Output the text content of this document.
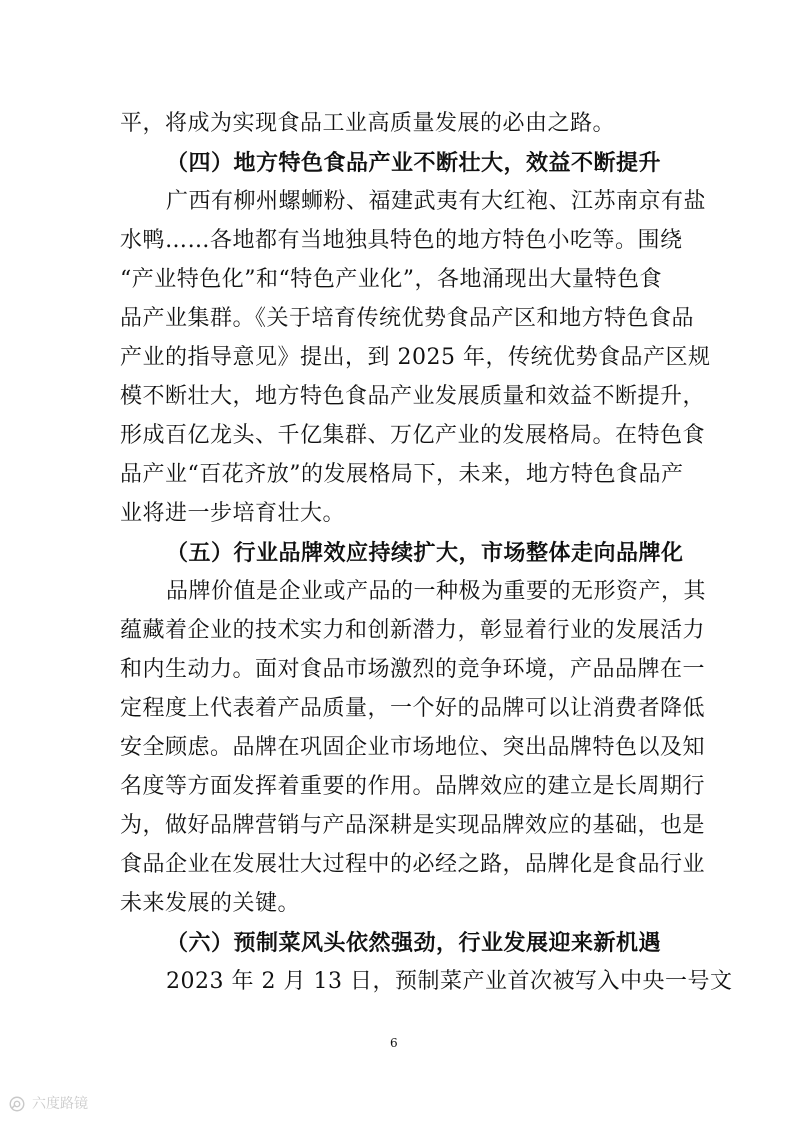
平，将成为实现食品工业高质量发展的必由之路。
（四）地方特色食品产业不断壮大，效益不断提升
广西有柳州螺蛳粉、福建武夷有大红袍、江苏南京有盐
水鸭……各地都有当地独具特色的地方特色小吃等。围绕
“产业特色化”和“特色产业化”，各地涌现出大量特色食
品产业集群。《关于培育传统优势食品产区和地方特色食品
产业的指导意见》提出，到 2025 年，传统优势食品产区规
模不断壮大，地方特色食品产业发展质量和效益不断提升，
形成百亿龙头、千亿集群、万亿产业的发展格局。在特色食
品产业“百花齐放”的发展格局下，未来，地方特色食品产
业将进一步培育壮大。
（五）行业品牌效应持续扩大，市场整体走向品牌化
品牌价值是企业或产品的一种极为重要的无形资产，其
蕴藏着企业的技术实力和创新潜力，彰显着行业的发展活力
和内生动力。面对食品市场激烈的竞争环境，产品品牌在一
定程度上代表着产品质量，一个好的品牌可以让消费者降低
安全顾虑。品牌在巩固企业市场地位、突出品牌特色以及知
名度等方面发挥着重要的作用。品牌效应的建立是长周期行
为，做好品牌营销与产品深耕是实现品牌效应的基础，也是
食品企业在发展壮大过程中的必经之路，品牌化是食品行业
未来发展的关键。
（六）预制菜风头依然强劲，行业发展迎来新机遇
2023 年 2 月 13 日，预制菜产业首次被写入中央一号文
6
六度路镜
